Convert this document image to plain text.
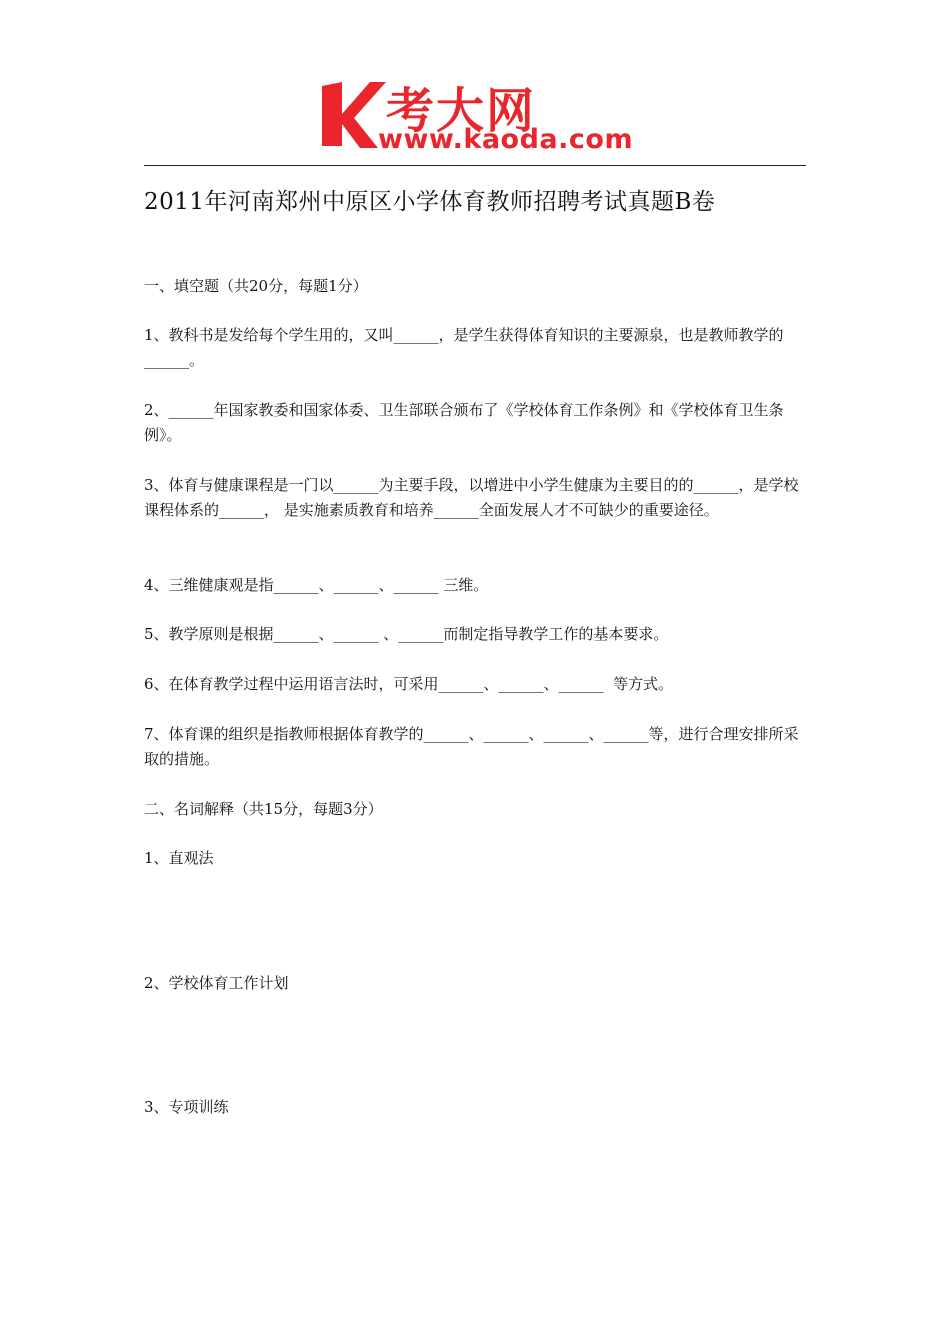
考大网
www.kaoda.com
2011年河南郑州中原区小学体育教师招聘考试真题B卷
一、填空题（共20分，每题1分）
1、教科书是发给每个学生用的，又叫______，是学生获得体育知识的主要源泉，也是教师教学的______。
2、______年国家教委和国家体委、卫生部联合颁布了《学校体育工作条例》和《学校体育卫生条例》。
3、体育与健康课程是一门以______为主要手段，以增进中小学生健康为主要目的的______，是学校课程体系的______， 是实施素质教育和培养______全面发展人才不可缺少的重要途径。
4、三维健康观是指______、______、______ 三维。
5、教学原则是根据______、______ 、______而制定指导教学工作的基本要求。
6、在体育教学过程中运用语言法时，可采用______、______、______  等方式。
7、体育课的组织是指教师根据体育教学的______、______、______、______等，进行合理安排所采取的措施。
二、名词解释（共15分，每题3分）
1、直观法
2、学校体育工作计划
3、专项训练
